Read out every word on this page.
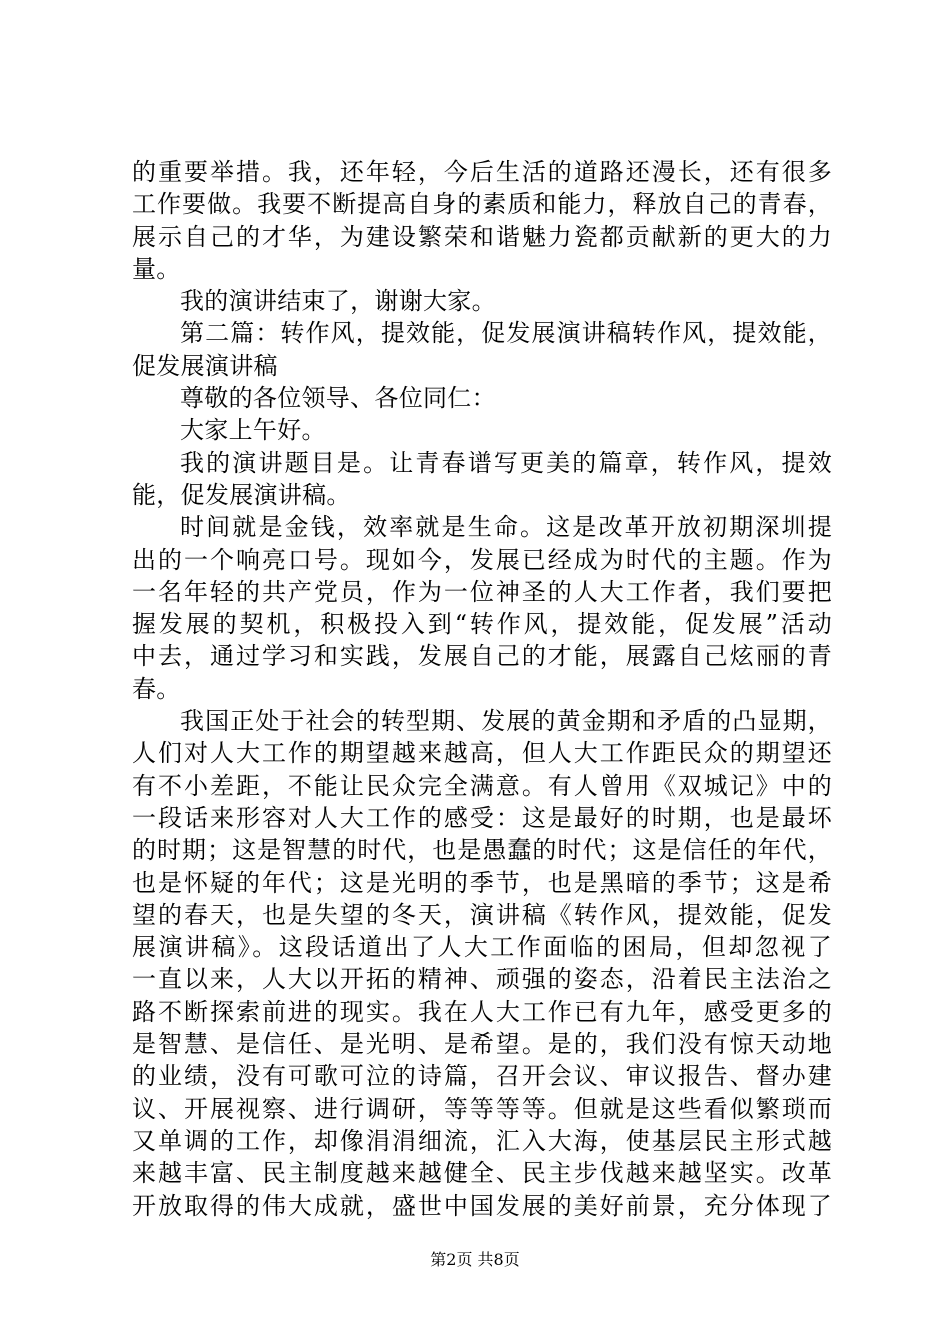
的重要举措。我，还年轻，今后生活的道路还漫长，还有很多
工作要做。我要不断提高自身的素质和能力，释放自己的青春，
展示自己的才华，为建设繁荣和谐魅力瓷都贡献新的更大的力
量。
我的演讲结束了，谢谢大家。
第二篇：转作风，提效能，促发展演讲稿转作风，提效能，
促发展演讲稿
尊敬的各位领导、各位同仁：
大家上午好。
我的演讲题目是。让青春谱写更美的篇章，转作风，提效
能，促发展演讲稿。
时间就是金钱，效率就是生命。这是改革开放初期深圳提
出的一个响亮口号。现如今，发展已经成为时代的主题。作为
一名年轻的共产党员，作为一位神圣的人大工作者，我们要把
握发展的契机，积极投入到“转作风，提效能，促发展”活动
中去，通过学习和实践，发展自己的才能，展露自己炫丽的青
春。
我国正处于社会的转型期、发展的黄金期和矛盾的凸显期，
人们对人大工作的期望越来越高，但人大工作距民众的期望还
有不小差距，不能让民众完全满意。有人曾用《双城记》中的
一段话来形容对人大工作的感受：这是最好的时期，也是最坏
的时期；这是智慧的时代，也是愚蠢的时代；这是信任的年代，
也是怀疑的年代；这是光明的季节，也是黑暗的季节；这是希
望的春天，也是失望的冬天，演讲稿《转作风，提效能，促发
展演讲稿》。这段话道出了人大工作面临的困局，但却忽视了
一直以来，人大以开拓的精神、顽强的姿态，沿着民主法治之
路不断探索前进的现实。我在人大工作已有九年，感受更多的
是智慧、是信任、是光明、是希望。是的，我们没有惊天动地
的业绩，没有可歌可泣的诗篇，召开会议、审议报告、督办建
议、开展视察、进行调研，等等等等。但就是这些看似繁琐而
又单调的工作，却像涓涓细流，汇入大海，使基层民主形式越
来越丰富、民主制度越来越健全、民主步伐越来越坚实。改革
开放取得的伟大成就，盛世中国发展的美好前景，充分体现了
第2页 共8页
